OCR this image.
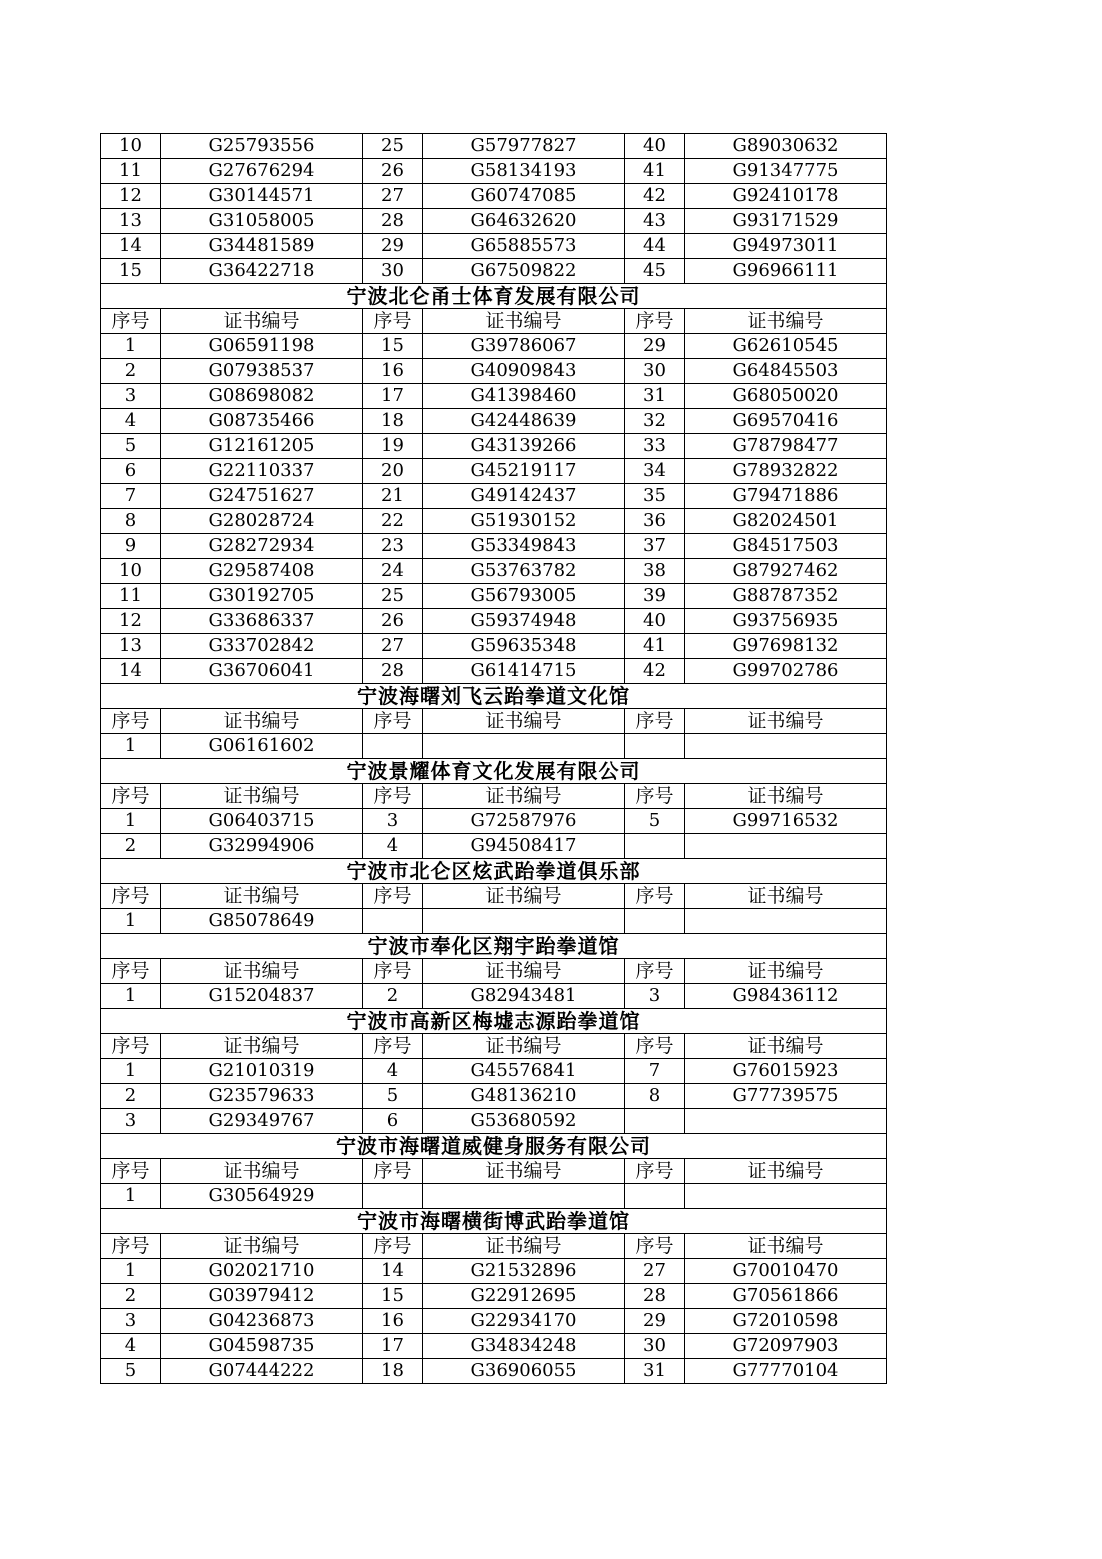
10	G25793556	25	G57977827	40	G89030632
11	G27676294	26	G58134193	41	G91347775
12	G30144571	27	G60747085	42	G92410178
13	G31058005	28	G64632620	43	G93171529
14	G34481589	29	G65885573	44	G94973011
15	G36422718	30	G67509822	45	G96966111
宁波北仑甬士体育发展有限公司					
序号	证书编号	序号	证书编号	序号	证书编号
1	G06591198	15	G39786067	29	G62610545
2	G07938537	16	G40909843	30	G64845503
3	G08698082	17	G41398460	31	G68050020
4	G08735466	18	G42448639	32	G69570416
5	G12161205	19	G43139266	33	G78798477
6	G22110337	20	G45219117	34	G78932822
7	G24751627	21	G49142437	35	G79471886
8	G28028724	22	G51930152	36	G82024501
9	G28272934	23	G53349843	37	G84517503
10	G29587408	24	G53763782	38	G87927462
11	G30192705	25	G56793005	39	G88787352
12	G33686337	26	G59374948	40	G93756935
13	G33702842	27	G59635348	41	G97698132
14	G36706041	28	G61414715	42	G99702786
宁波海曙刘飞云跆拳道文化馆					
序号	证书编号	序号	证书编号	序号	证书编号
1	G06161602				
宁波景耀体育文化发展有限公司					
序号	证书编号	序号	证书编号	序号	证书编号
1	G06403715	3	G72587976	5	G99716532
2	G32994906	4	G94508417		
宁波市北仑区炫武跆拳道俱乐部					
序号	证书编号	序号	证书编号	序号	证书编号
1	G85078649				
宁波市奉化区翔宇跆拳道馆					
序号	证书编号	序号	证书编号	序号	证书编号
1	G15204837	2	G82943481	3	G98436112
宁波市高新区梅墟志源跆拳道馆					
序号	证书编号	序号	证书编号	序号	证书编号
1	G21010319	4	G45576841	7	G76015923
2	G23579633	5	G48136210	8	G77739575
3	G29349767	6	G53680592		
宁波市海曙道威健身服务有限公司					
序号	证书编号	序号	证书编号	序号	证书编号
1	G30564929				
宁波市海曙横街博武跆拳道馆					
序号	证书编号	序号	证书编号	序号	证书编号
1	G02021710	14	G21532896	27	G70010470
2	G03979412	15	G22912695	28	G70561866
3	G04236873	16	G22934170	29	G72010598
4	G04598735	17	G34834248	30	G72097903
5	G07444222	18	G36906055	31	G77770104
